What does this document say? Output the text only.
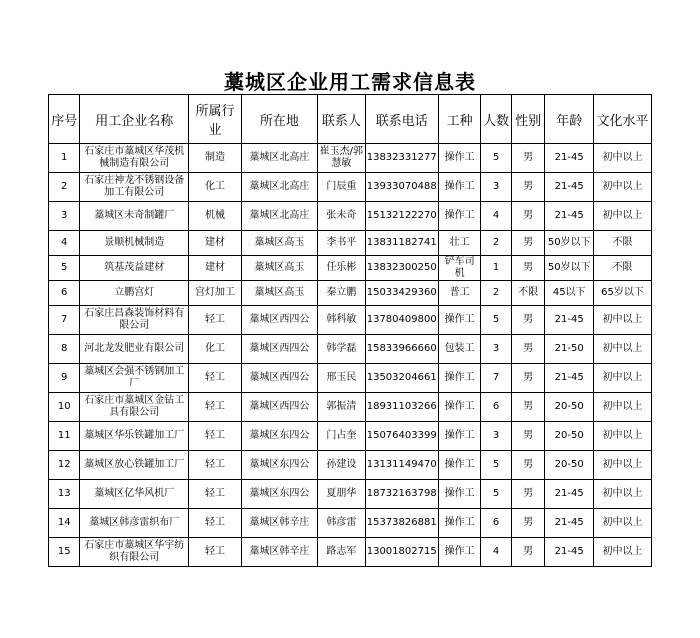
藁城区企业用工需求信息表
序号	用工企业名称	所属行业	所在地	联系人	联系电话	工种	人数	性别	年龄	文化水平
1	石家庄市藁城区华茂机械制造有限公司	制造	藁城区北高庄	崔玉杰/郭慧敏	13832331277	操作工	5	男	21-45	初中以上
2	石家庄神龙不锈钢设备加工有限公司	化工	藁城区北高庄	门辰重	13933070488	操作工	3	男	21-45	初中以上
3	藁城区未奇制罐厂	机械	藁城区北高庄	张未奇	15132122270	操作工	4	男	21-45	初中以上
4	景顺机械制造	建材	藁城区高玉	李书平	13831182741	壮工	2	男	50岁以下	不限
5	筑基茂益建材	建材	藁城区高玉	任乐彬	13832300250	铲车司机	1	男	50岁以下	不限
6	立鹏宫灯	宫灯加工	藁城区高玉	秦立鹏	15033429360	普工	2	不限	45以下	65岁以下
7	石家庄昌森装饰材料有限公司	轻工	藁城区西四公	韩科敏	13780409800	操作工	5	男	21-45	初中以上
8	河北龙发肥业有限公司	化工	藁城区西四公	韩学磊	15833966660	包装工	3	男	21-50	初中以上
9	藁城区会强不锈钢加工厂	轻工	藁城区西四公	邢玉民	13503204661	操作工	7	男	21-45	初中以上
10	石家庄市藁城区金钻工具有限公司	轻工	藁城区西四公	郭振清	18931103266	操作工	6	男	20-50	初中以上
11	藁城区华乐铁罐加工厂	轻工	藁城区东四公	门占奎	15076403399	操作工	3	男	20-50	初中以上
12	藁城区放心铁罐加工厂	轻工	藁城区东四公	孙建设	13131149470	操作工	5	男	20-50	初中以上
13	藁城区亿华风机厂	轻工	藁城区东四公	夏朋华	18732163798	操作工	5	男	21-45	初中以上
14	藁城区韩彦雷织布厂	轻工	藁城区韩辛庄	韩彦雷	15373826881	操作工	6	男	21-45	初中以上
15	石家庄市藁城区华宇纺织有限公司	轻工	藁城区韩辛庄	路志军	13001802715	操作工	4	男	21-45	初中以上
